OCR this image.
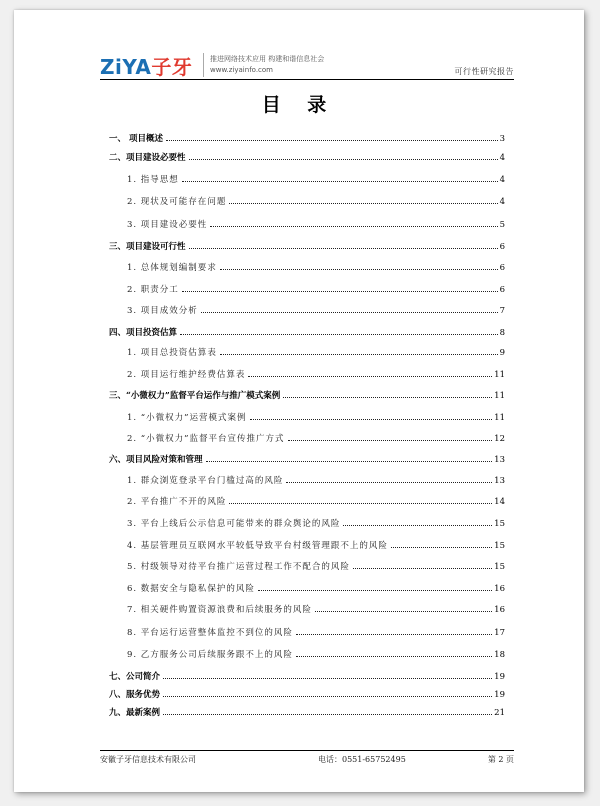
ZiYA子牙	推进网络技术应用 构建和谐信息社会
www.ziyainfo.com	可行性研究报告
目 录
一、 项目概述	3
二、项目建设必要性	4
1. 指导思想	4
2. 现状及可能存在问题	4
3. 项目建设必要性	5
三、项目建设可行性	6
1. 总体规划编制要求	6
2. 职责分工	6
3. 项目成效分析	7
四、项目投资估算	8
1. 项目总投资估算表	9
2. 项目运行维护经费估算表	11
三、“小微权力”监督平台运作与推广模式案例	11
1. “小微权力”运营模式案例	11
2. “小微权力”监督平台宣传推广方式	12
六、项目风险对策和管理	13
1. 群众浏览登录平台门槛过高的风险	13
2. 平台推广不开的风险	14
3. 平台上线后公示信息可能带来的群众舆论的风险	15
4. 基层管理员互联网水平较低导致平台村级管理跟不上的风险	15
5. 村级领导对待平台推广运营过程工作不配合的风险	15
6. 数据安全与隐私保护的风险	16
7. 相关硬件购置资源浪费和后续服务的风险	16
8. 平台运行运营整体监控不到位的风险	17
9. 乙方服务公司后续服务跟不上的风险	18
七、公司简介	19
八、服务优势	19
九、最新案例	21
安徽子牙信息技术有限公司	电话：0551-65752495	第 2 页
